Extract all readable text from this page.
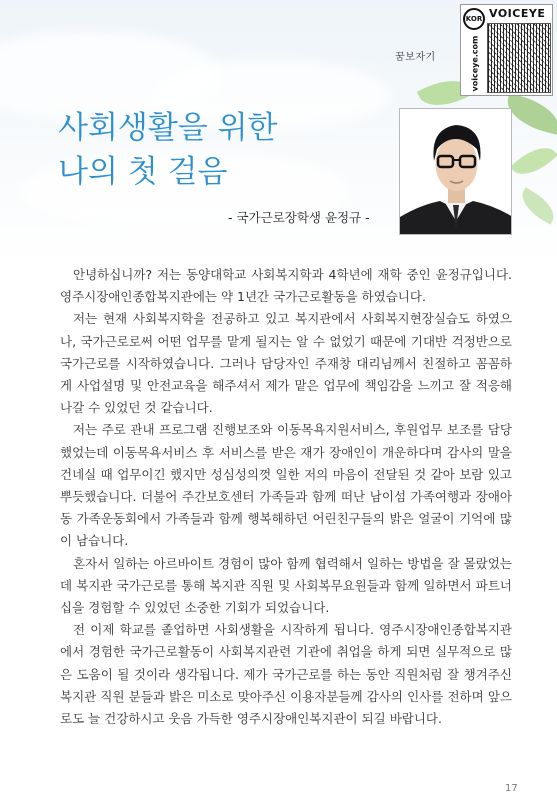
꿈보자기
KOR VOICEYE
voiceye.com
사회생활을 위한
나의 첫 걸음
- 국가근로장학생 윤정규 -

안녕하십니까? 저는 동양대학교 사회복지학과 4학년에 재학 중인 윤정규입니다. 영주시장애인종합복지관에는 약 1년간 국가근로활동을 하였습니다.

저는 현재 사회복지학을 전공하고 있고 복지관에서 사회복지현장실습도 하였으나, 국가근로로써 어떤 업무를 맡게 될지는 알 수 없었기 때문에 기대반 걱정반으로 국가근로를 시작하였습니다. 그러나 담당자인 주재창 대리님께서 친절하고 꼼꼼하게 사업설명 및 안전교육을 해주셔서 제가 맡은 업무에 책임감을 느끼고 잘 적응해 나갈 수 있었던 것 같습니다.

저는 주로 관내 프로그램 진행보조와 이동목욕지원서비스, 후원업무 보조를 담당했었는데 이동목욕서비스 후 서비스를 받은 재가 장애인이 개운하다며 감사의 말을 건네실 때 업무이긴 했지만 성심성의껏 일한 저의 마음이 전달된 것 같아 보람 있고 뿌듯했습니다. 더불어 주간보호센터 가족들과 함께 떠난 남이섬 가족여행과 장애아동 가족운동회에서 가족들과 함께 행복해하던 어린친구들의 밝은 얼굴이 기억에 많이 남습니다.

혼자서 일하는 아르바이트 경험이 많아 함께 협력해서 일하는 방법을 잘 몰랐었는데 복지관 국가근로를 통해 복지관 직원 및 사회복무요원들과 함께 일하면서 파트너십을 경험할 수 있었던 소중한 기회가 되었습니다.

전 이제 학교를 졸업하면 사회생활을 시작하게 됩니다. 영주시장애인종합복지관에서 경험한 국가근로활동이 사회복지관련 기관에 취업을 하게 되면 실무적으로 많은 도움이 될 것이라 생각됩니다. 제가 국가근로를 하는 동안 직원처럼 잘 챙겨주신 복지관 직원 분들과 밝은 미소로 맞아주신 이용자분들께 감사의 인사를 전하며 앞으로도 늘 건강하시고 웃음 가득한 영주시장애인복지관이 되길 바랍니다.

17
